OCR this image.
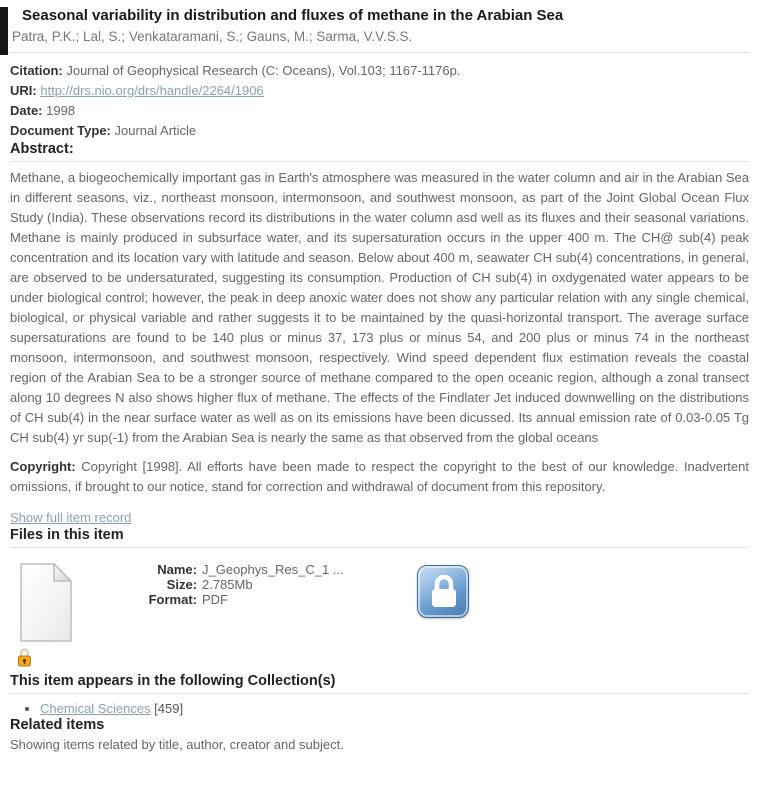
Seasonal variability in distribution and fluxes of methane in the Arabian Sea
Patra, P.K.; Lal, S.; Venkataramani, S.; Gauns, M.; Sarma, V.V.S.S.
Citation: Journal of Geophysical Research (C: Oceans), Vol.103; 1167-1176p.
URI: http://drs.nio.org/drs/handle/2264/1906
Date: 1998
Document Type: Journal Article
Abstract:
Methane, a biogeochemically important gas in Earth's atmosphere was measured in the water column and air in the Arabian Sea in different seasons, viz., northeast monsoon, intermonsoon, and southwest monsoon, as part of the Joint Global Ocean Flux Study (India). These observations record its distributions in the water column asd well as its fluxes and their seasonal variations. Methane is mainly produced in subsurface water, and its supersaturation occurs in the upper 400 m. The CH@ sub(4) peak concentration and its location vary with latitude and season. Below about 400 m, seawater CH sub(4) concentrations, in general, are observed to be undersaturated, suggesting its consumption. Production of CH sub(4) in oxdygenated water appears to be under biological control; however, the peak in deep anoxic water does not show any particular relation with any single chemical, biological, or physical variable and rather suggests it to be maintained by the quasi-horizontal transport. The average surface supersaturations are found to be 140 plus or minus 37, 173 plus or minus 54, and 200 plus or minus 74 in the northeast monsoon, intermonsoon, and southwest monsoon, respectively. Wind speed dependent flux estimation reveals the coastal region of the Arabian Sea to be a stronger source of methane compared to the open oceanic region, although a zonal transect along 10 degrees N also shows higher flux of methane. The effects of the Findlater Jet induced downwelling on the distributions of CH sub(4) in the near surface water as well as on its emissions have been dicussed. Its annual emission rate of 0.03-0.05 Tg CH sub(4) yr sup(-1) from the Arabian Sea is nearly the same as that observed from the global oceans
Copyright: Copyright [1998]. All efforts have been made to respect the copyright to the best of our knowledge. Inadvertent omissions, if brought to our notice, stand for correction and withdrawal of document from this repository.
Show full item record
Files in this item
Name: J_Geophys_Res_C_1 ...
Size: 2.785Mb
Format: PDF
This item appears in the following Collection(s)
• Chemical Sciences [459]
Related items
Showing items related by title, author, creator and subject.
